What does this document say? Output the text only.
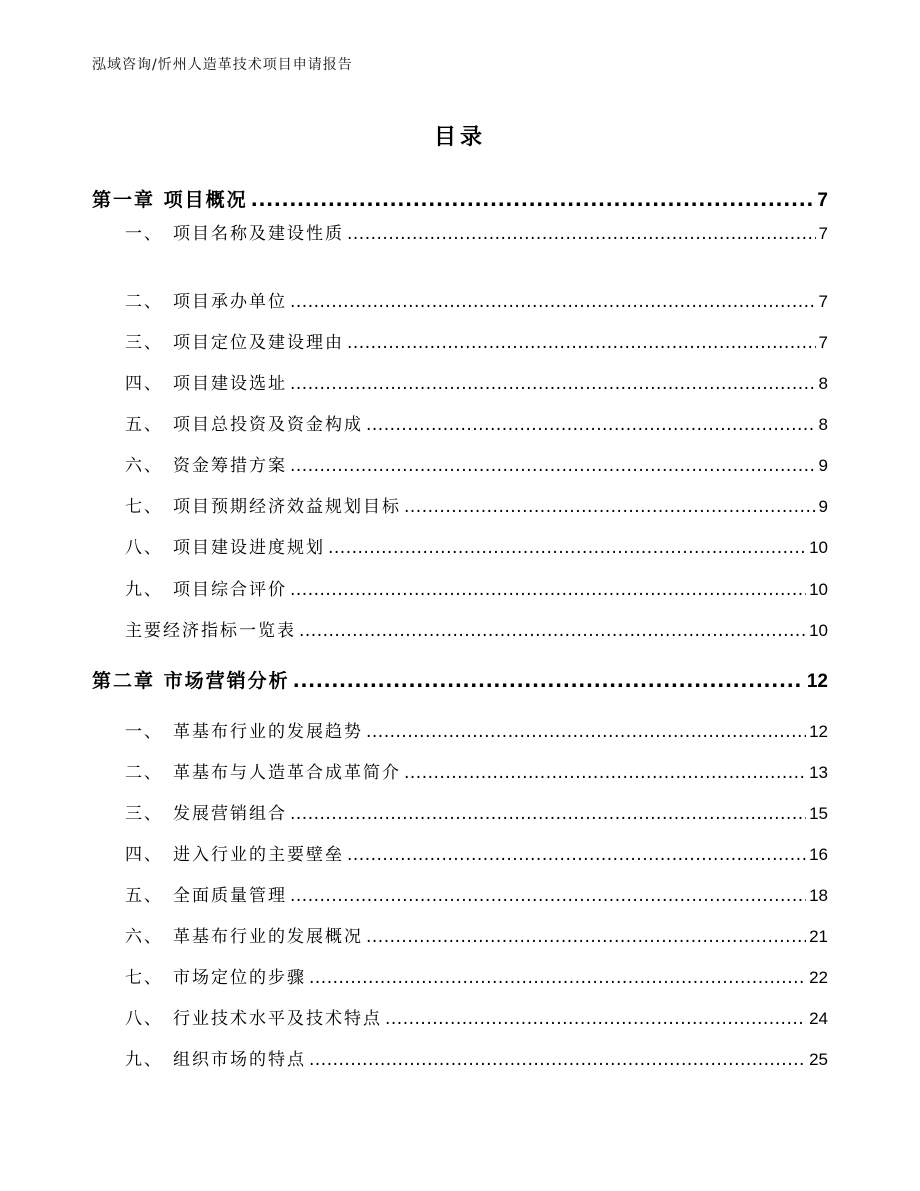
泓域咨询/忻州人造革技术项目申请报告
目录
第一章 项目概况 .....	7
一、 项目名称及建设性质 .....	7
二、 项目承办单位 .....	7
三、 项目定位及建设理由 .....	7
四、 项目建设选址 .....	8
五、 项目总投资及资金构成 .....	8
六、 资金筹措方案 .....	9
七、 项目预期经济效益规划目标 .....	9
八、 项目建设进度规划 .....	10
九、 项目综合评价 .....	10
主要经济指标一览表 .....	10
第二章 市场营销分析 .....	12
一、 革基布行业的发展趋势 .....	12
二、 革基布与人造革合成革简介 .....	13
三、 发展营销组合 .....	15
四、 进入行业的主要壁垒 .....	16
五、 全面质量管理 .....	18
六、 革基布行业的发展概况 .....	21
七、 市场定位的步骤 .....	22
八、 行业技术水平及技术特点 .....	24
九、 组织市场的特点 .....	25
